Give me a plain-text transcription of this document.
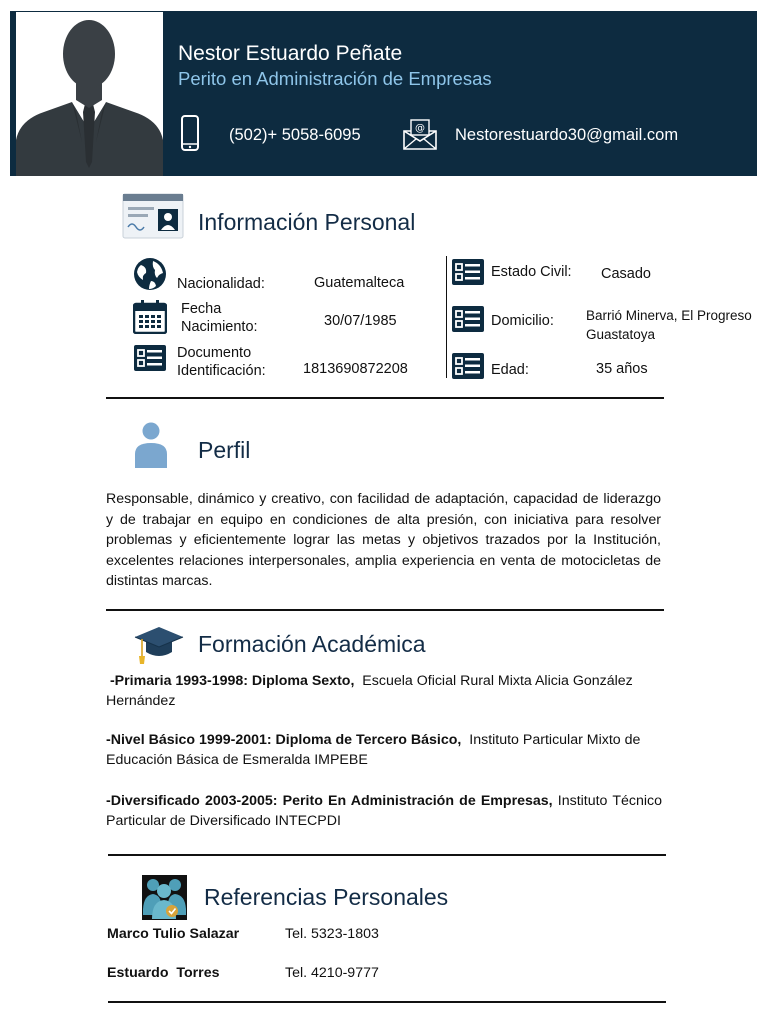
Nestor Estuardo Peñate
Perito en Administración de Empresas
(502)+ 5058-6095	@ Nestorestuardo30@gmail.com
Información Personal
Nacionalidad:	Guatemalteca
Fecha Nacimiento:	30/07/1985
Documento Identificación:	1813690872208
Estado Civil: Casado
Domicilio: Barrió Minerva, El Progreso Guastatoya
Edad:	35 años
Perfil
Responsable, dinámico y creativo, con facilidad de adaptación, capacidad de liderazgo y de trabajar en equipo en condiciones de alta presión, con iniciativa para resolver problemas y eficientemente lograr las metas y objetivos trazados por la Institución, excelentes relaciones interpersonales, amplia experiencia en venta de motocicletas de distintas marcas.
Formación Académica
-Primaria 1993-1998: Diploma Sexto, Escuela Oficial Rural Mixta Alicia González Hernández
-Nivel Básico 1999-2001: Diploma de Tercero Básico, Instituto Particular Mixto de Educación Básica de Esmeralda IMPEBE
-Diversificado 2003-2005: Perito En Administración de Empresas, Instituto Técnico Particular de Diversificado INTECPDI
Referencias Personales
Marco Tulio Salazar	Tel. 5323-1803
Estuardo  Torres	Tel. 4210-9777
